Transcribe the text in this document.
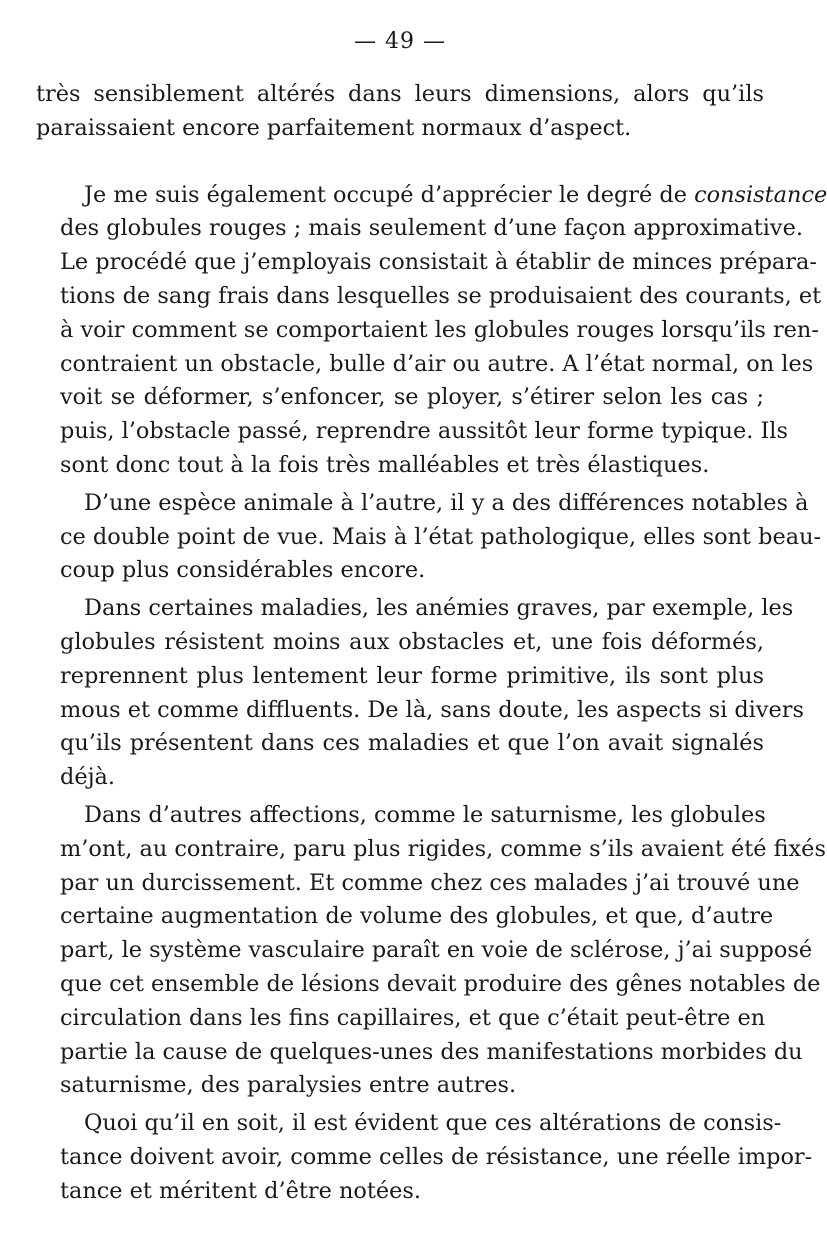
— 49 —
très sensiblement altérés dans leurs dimensions, alors qu’ils
paraissaient encore parfaitement normaux d’aspect.
Je me suis également occupé d’apprécier le degré de consistance
des globules rouges ; mais seulement d’une façon approximative.
Le procédé que j’employais consistait à établir de minces prépara-
tions de sang frais dans lesquelles se produisaient des courants, et
à voir comment se comportaient les globules rouges lorsqu’ils ren-
contraient un obstacle, bulle d’air ou autre. A l’état normal, on les
voit se déformer, s’enfoncer, se ployer, s’étirer selon les cas ;
puis, l’obstacle passé, reprendre aussitôt leur forme typique. Ils
sont donc tout à la fois très malléables et très élastiques.
D’une espèce animale à l’autre, il y a des différences notables à
ce double point de vue. Mais à l’état pathologique, elles sont beau-
coup plus considérables encore.
Dans certaines maladies, les anémies graves, par exemple, les
globules résistent moins aux obstacles et, une fois déformés,
reprennent plus lentement leur forme primitive, ils sont plus
mous et comme diffluents. De là, sans doute, les aspects si divers
qu’ils présentent dans ces maladies et que l’on avait signalés
déjà.
Dans d’autres affections, comme le saturnisme, les globules
m’ont, au contraire, paru plus rigides, comme s’ils avaient été fixés
par un durcissement. Et comme chez ces malades j’ai trouvé une
certaine augmentation de volume des globules, et que, d’autre
part, le système vasculaire paraît en voie de sclérose, j’ai supposé
que cet ensemble de lésions devait produire des gênes notables de
circulation dans les fins capillaires, et que c’était peut-être en
partie la cause de quelques-unes des manifestations morbides du
saturnisme, des paralysies entre autres.
Quoi qu’il en soit, il est évident que ces altérations de consis-
tance doivent avoir, comme celles de résistance, une réelle impor-
tance et méritent d’être notées.
